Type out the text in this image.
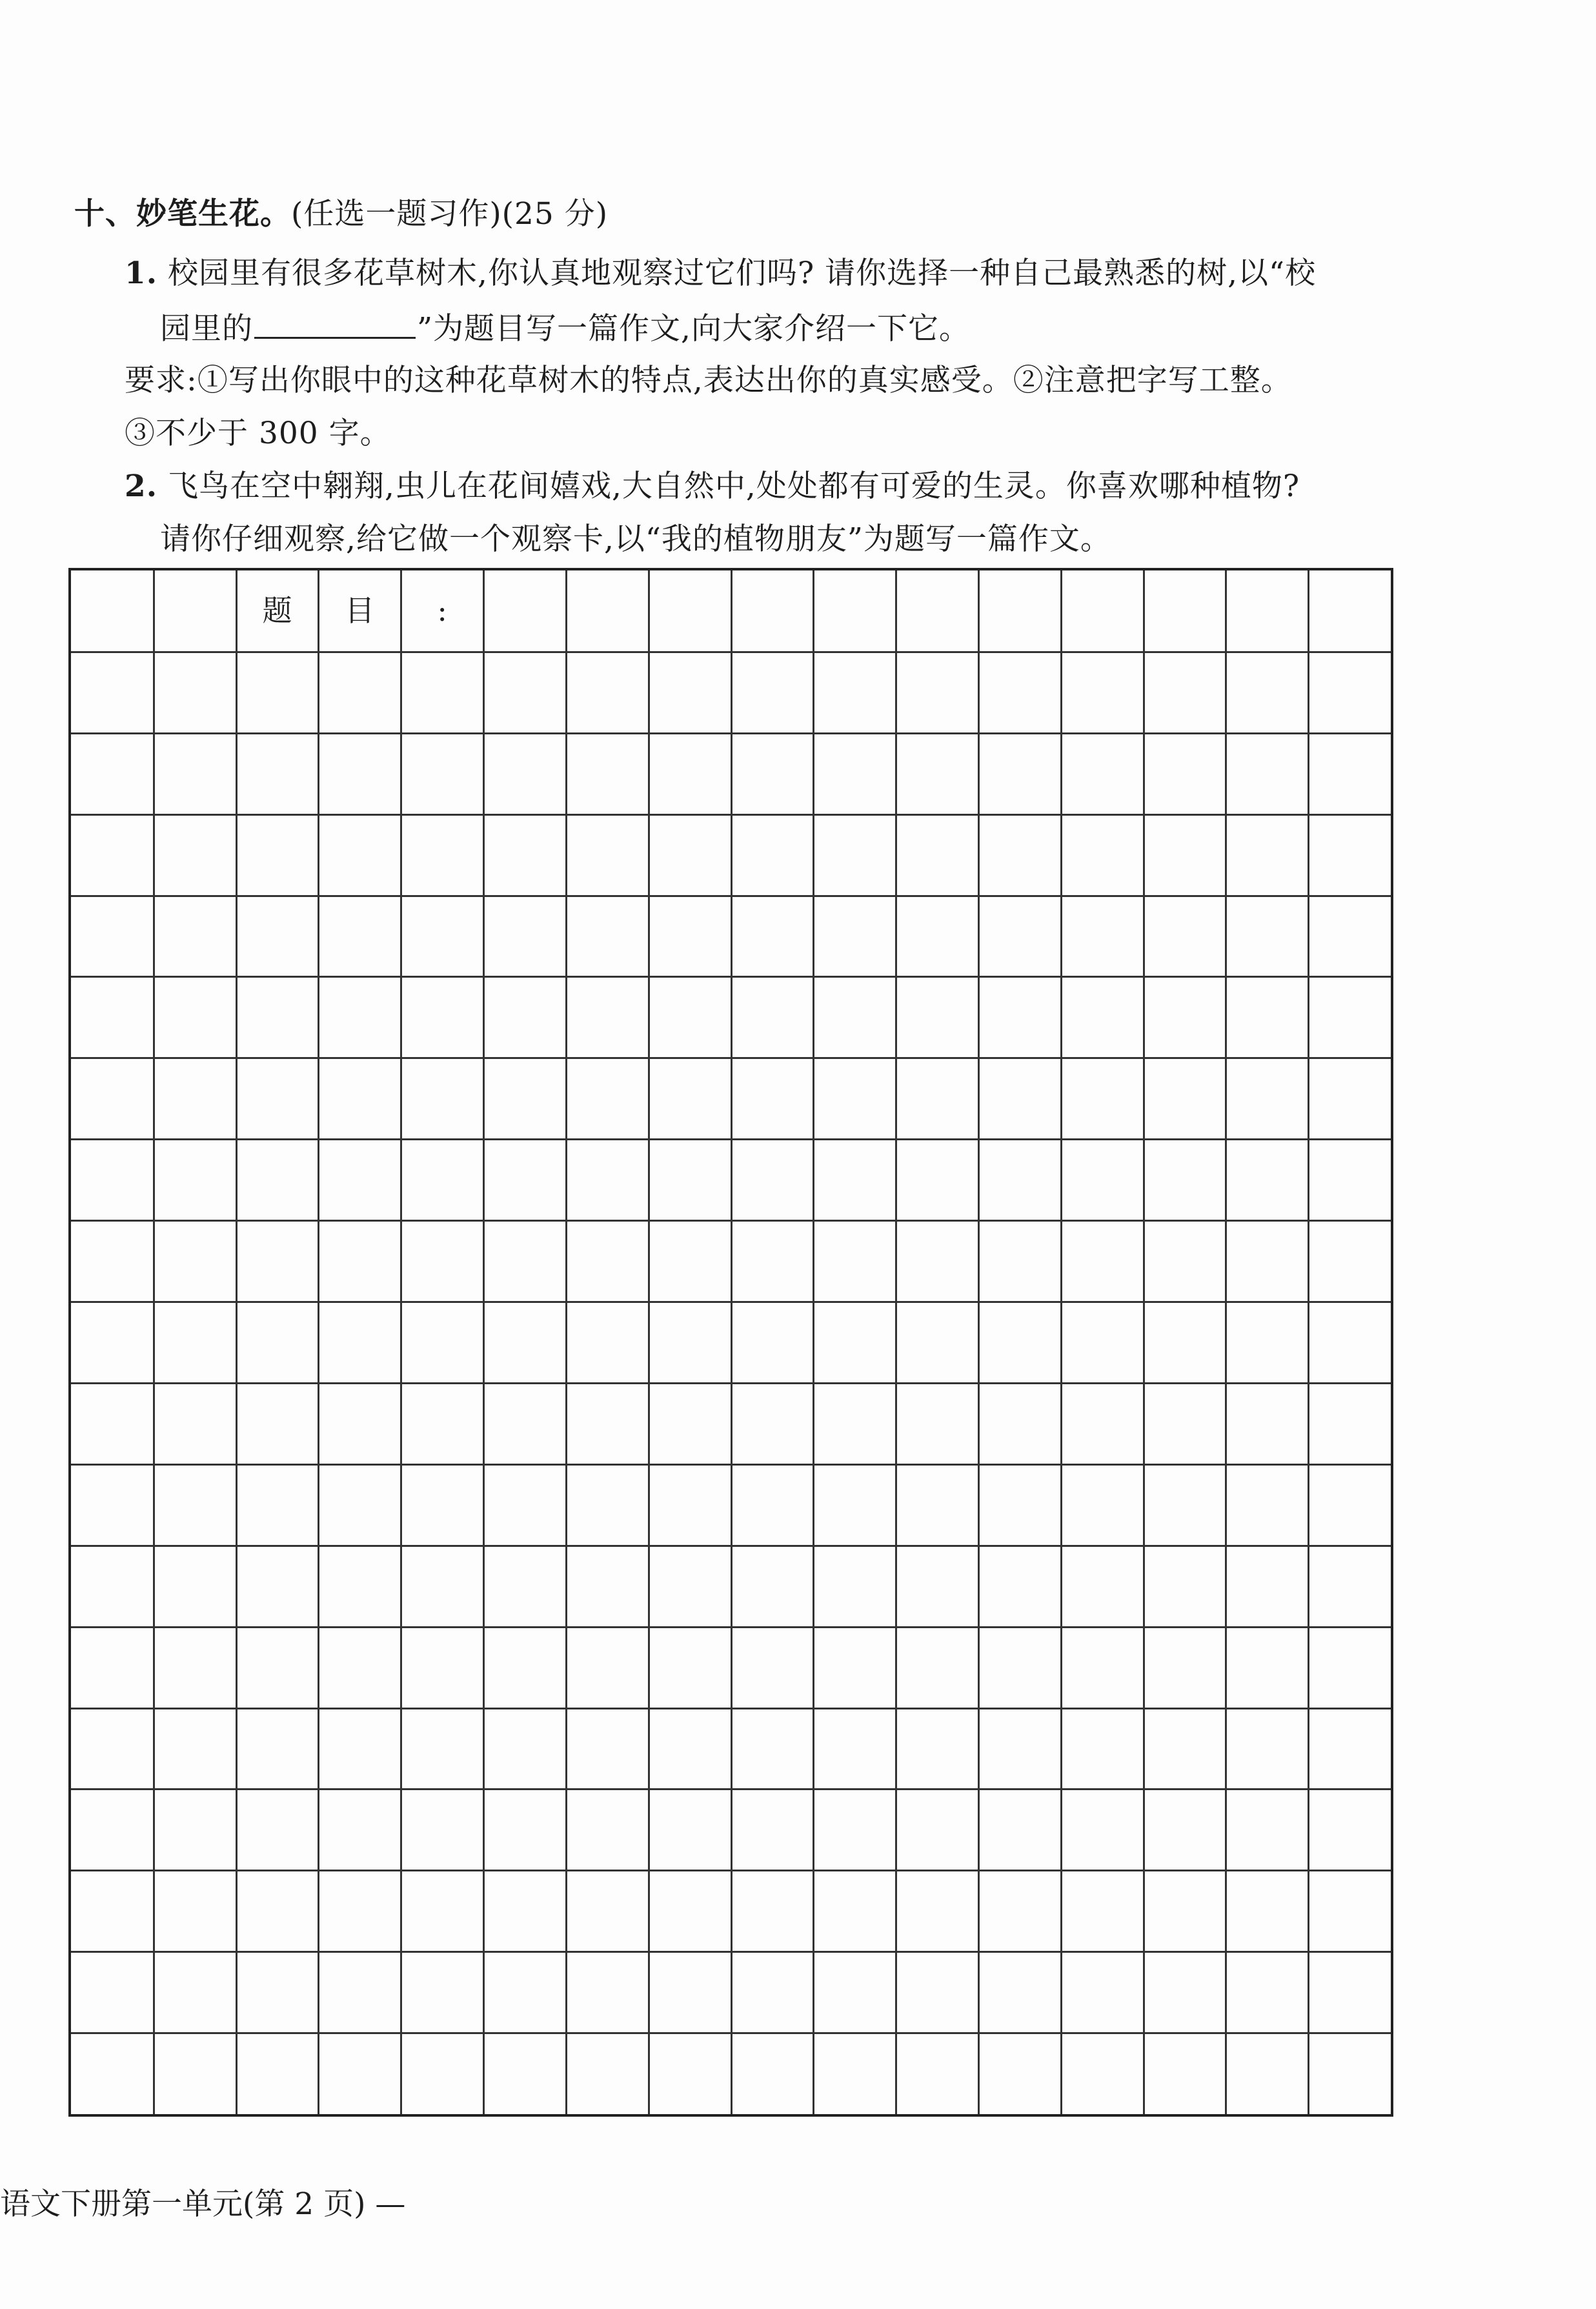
十、妙笔生花。(任选一题习作)(25 分)
1. 校园里有很多花草树木,你认真地观察过它们吗? 请你选择一种自己最熟悉的树,以“校
园里的	”为题目写一篇作文,向大家介绍一下它。
要求:①写出你眼中的这种花草树木的特点,表达出你的真实感受。②注意把字写工整。
③不少于 300 字。
2. 飞鸟在空中翱翔,虫儿在花间嬉戏,大自然中,处处都有可爱的生灵。你喜欢哪种植物?
请你仔细观察,给它做一个观察卡,以“我的植物朋友”为题写一篇作文。
题	目	:
语文下册第一单元(第 2 页) —
